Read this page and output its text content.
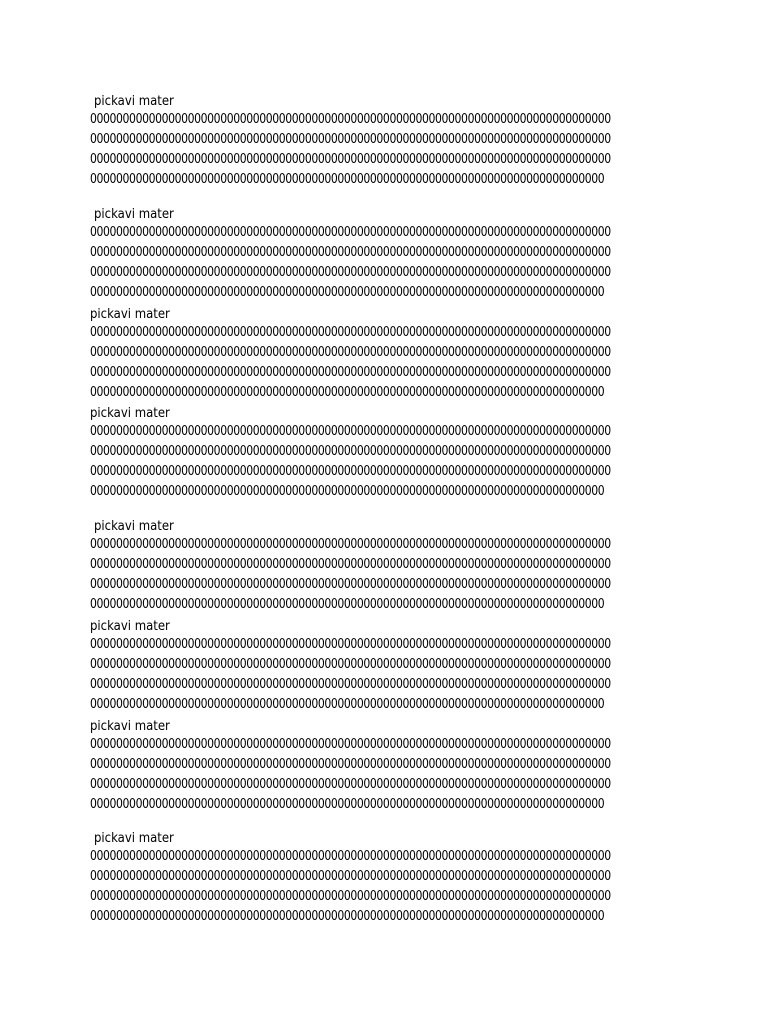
pickavi mater
00000000000000000000000000000000000000000000000000000000000000000000000000000000
00000000000000000000000000000000000000000000000000000000000000000000000000000000
00000000000000000000000000000000000000000000000000000000000000000000000000000000
0000000000000000000000000000000000000000000000000000000000000000000000000000000
pickavi mater
00000000000000000000000000000000000000000000000000000000000000000000000000000000
00000000000000000000000000000000000000000000000000000000000000000000000000000000
00000000000000000000000000000000000000000000000000000000000000000000000000000000
0000000000000000000000000000000000000000000000000000000000000000000000000000000
pickavi mater
00000000000000000000000000000000000000000000000000000000000000000000000000000000
00000000000000000000000000000000000000000000000000000000000000000000000000000000
00000000000000000000000000000000000000000000000000000000000000000000000000000000
0000000000000000000000000000000000000000000000000000000000000000000000000000000
pickavi mater
00000000000000000000000000000000000000000000000000000000000000000000000000000000
00000000000000000000000000000000000000000000000000000000000000000000000000000000
00000000000000000000000000000000000000000000000000000000000000000000000000000000
0000000000000000000000000000000000000000000000000000000000000000000000000000000
pickavi mater
00000000000000000000000000000000000000000000000000000000000000000000000000000000
00000000000000000000000000000000000000000000000000000000000000000000000000000000
00000000000000000000000000000000000000000000000000000000000000000000000000000000
0000000000000000000000000000000000000000000000000000000000000000000000000000000
pickavi mater
00000000000000000000000000000000000000000000000000000000000000000000000000000000
00000000000000000000000000000000000000000000000000000000000000000000000000000000
00000000000000000000000000000000000000000000000000000000000000000000000000000000
0000000000000000000000000000000000000000000000000000000000000000000000000000000
pickavi mater
00000000000000000000000000000000000000000000000000000000000000000000000000000000
00000000000000000000000000000000000000000000000000000000000000000000000000000000
00000000000000000000000000000000000000000000000000000000000000000000000000000000
0000000000000000000000000000000000000000000000000000000000000000000000000000000
pickavi mater
00000000000000000000000000000000000000000000000000000000000000000000000000000000
00000000000000000000000000000000000000000000000000000000000000000000000000000000
00000000000000000000000000000000000000000000000000000000000000000000000000000000
0000000000000000000000000000000000000000000000000000000000000000000000000000000
